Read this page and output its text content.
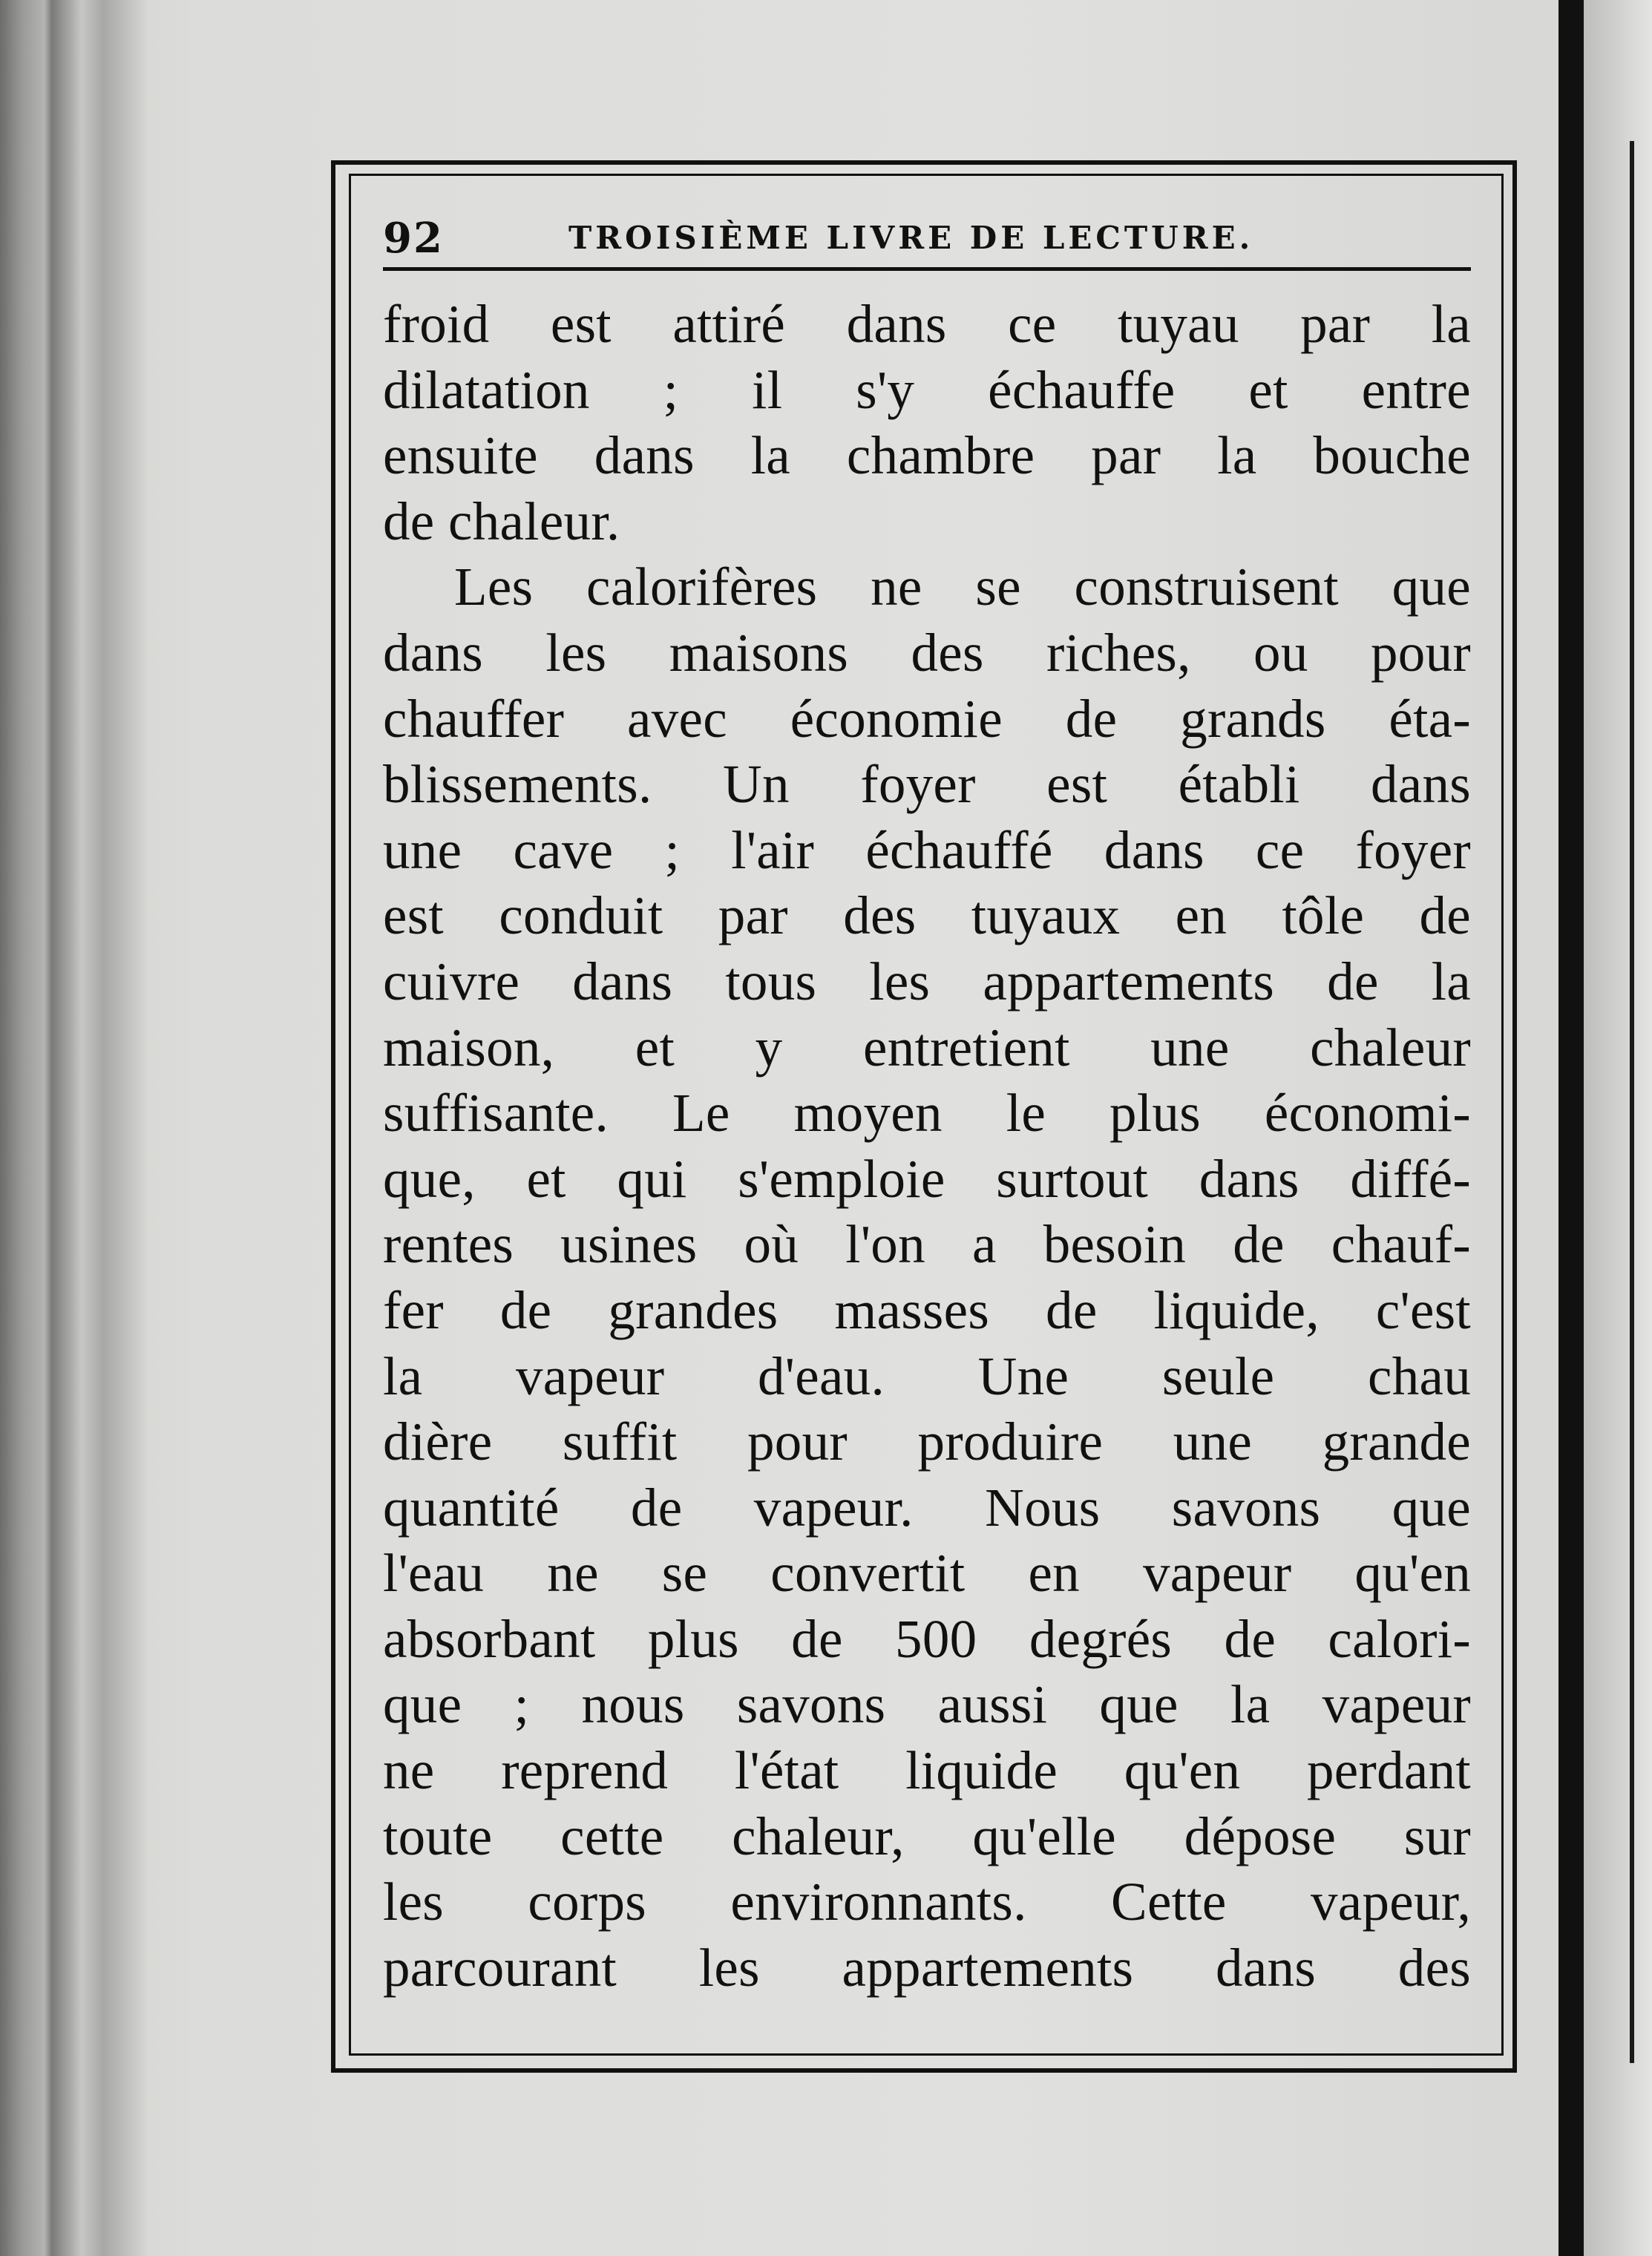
92	TROISIÈME LIVRE DE LECTURE.
froid est attiré dans ce tuyau par la
dilatation ; il s'y échauffe et entre
ensuite dans la chambre par la bouche
de chaleur.
Les calorifères ne se construisent que
dans les maisons des riches, ou pour
chauffer avec économie de grands éta-
blissements. Un foyer est établi dans
une cave ; l'air échauffé dans ce foyer
est conduit par des tuyaux en tôle de
cuivre dans tous les appartements de la
maison, et y entretient une chaleur
suffisante. Le moyen le plus économi-
que, et qui s'emploie surtout dans diffé-
rentes usines où l'on a besoin de chauf-
fer de grandes masses de liquide, c'est
la vapeur d'eau. Une seule chau
dière suffit pour produire une grande
quantité de vapeur. Nous savons que
l'eau ne se convertit en vapeur qu'en
absorbant plus de 500 degrés de calori-
que ; nous savons aussi que la vapeur
ne reprend l'état liquide qu'en perdant
toute cette chaleur, qu'elle dépose sur
les corps environnants. Cette vapeur,
parcourant les appartements dans des
